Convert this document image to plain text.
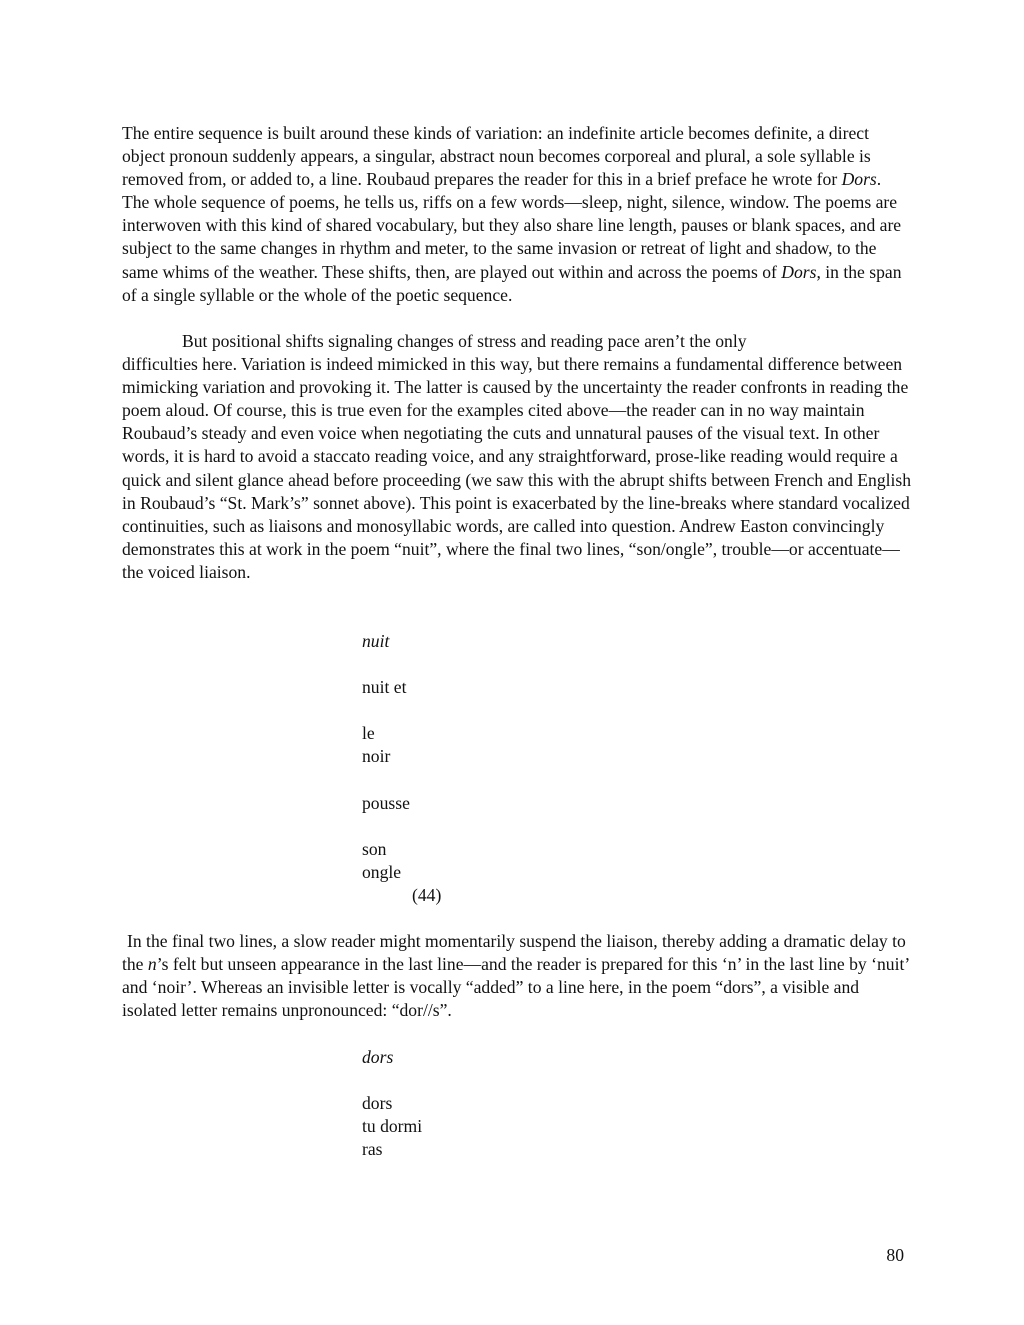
The entire sequence is built around these kinds of variation: an indefinite article becomes definite, a direct object pronoun suddenly appears, a singular, abstract noun becomes corporeal and plural, a sole syllable is removed from, or added to, a line. Roubaud prepares the reader for this in a brief preface he wrote for Dors. The whole sequence of poems, he tells us, riffs on a few words—sleep, night, silence, window. The poems are interwoven with this kind of shared vocabulary, but they also share line length, pauses or blank spaces, and are subject to the same changes in rhythm and meter, to the same invasion or retreat of light and shadow, to the same whims of the weather. These shifts, then, are played out within and across the poems of Dors, in the span of a single syllable or the whole of the poetic sequence.

But positional shifts signaling changes of stress and reading pace aren’t the only
difficulties here. Variation is indeed mimicked in this way, but there remains a fundamental difference between mimicking variation and provoking it. The latter is caused by the uncertainty the reader confronts in reading the poem aloud. Of course, this is true even for the examples cited above—the reader can in no way maintain Roubaud’s steady and even voice when negotiating the cuts and unnatural pauses of the visual text. In other words, it is hard to avoid a staccato reading voice, and any straightforward, prose-like reading would require a quick and silent glance ahead before proceeding (we saw this with the abrupt shifts between French and English in Roubaud’s “St. Mark’s” sonnet above). This point is exacerbated by the line-breaks where standard vocalized continuities, such as liaisons and monosyllabic words, are called into question. Andrew Easton convincingly demonstrates this at work in the poem “nuit”, where the final two lines, “son/ongle”, trouble—or accentuate—the voiced liaison.

nuit
nuit et
le
noir
pousse
son
ongle
(44)

In the final two lines, a slow reader might momentarily suspend the liaison, thereby adding a dramatic delay to the n’s felt but unseen appearance in the last line—and the reader is prepared for this ‘n’ in the last line by ‘nuit’ and ‘noir’. Whereas an invisible letter is vocally “added” to a line here, in the poem “dors”, a visible and isolated letter remains unpronounced: “dor//s”.

dors
dors
tu dormi
ras
80
